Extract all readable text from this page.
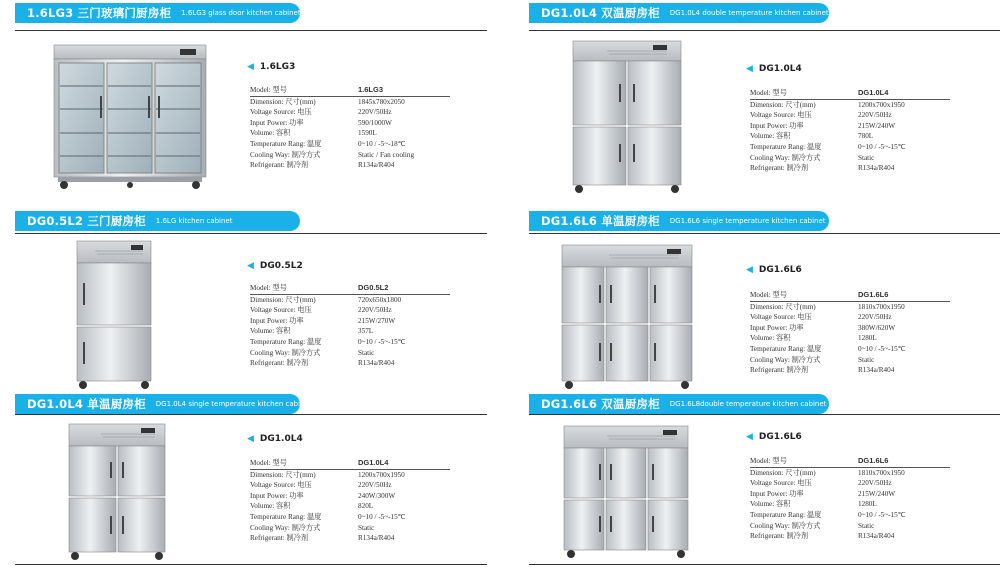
1.6LG3 三门玻璃门厨房柜 1.6LG3 glass door kitchen cabinet
◀ 1.6LG3
Model: 型号	1.6LG3
Dimension: 尺寸(mm)	1845x780x2050
Voltage Source: 电压	220V/50Hz
Input Power: 功率	590/1000W
Volume: 容积	1590L
Temperature Rang: 温度	0~10 / -5~-18℃
Cooling Way: 制冷方式	Static / Fan cooling
Refrigerant: 制冷剂	R134a/R404
DG1.0L4 双温厨房柜 DG1.0L4 double temperature kitchen cabinet
◀ DG1.0L4
Model: 型号	DG1.0L4
Dimension: 尺寸(mm)	1200x700x1950
Voltage Source: 电压	220V/50Hz
Input Power: 功率	215W/240W
Volume: 容积	780L
Temperature Rang: 温度	0~10 / -5~-15℃
Cooling Way: 制冷方式	Static
Refrigerant: 制冷剂	R134a/R404
DG0.5L2 三门厨房柜 1.6LG kitchen cabinet
◀ DG0.5L2
Model: 型号	DG0.5L2
Dimension: 尺寸(mm)	720x650x1800
Voltage Source: 电压	220V/50Hz
Input Power: 功率	215W/270W
Volume: 容积	357L
Temperature Rang: 温度	0~10 / -5~-15℃
Cooling Way: 制冷方式	Static
Refrigerant: 制冷剂	R134a/R404
DG1.6L6 单温厨房柜 DG1.6L6 single temperature kitchen cabinet
◀ DG1.6L6
Model: 型号	DG1.6L6
Dimension: 尺寸(mm)	1810x700x1950
Voltage Source: 电压	220V/50Hz
Input Power: 功率	380W/620W
Volume: 容积	1280L
Temperature Rang: 温度	0~10 / -5~-15℃
Cooling Way: 制冷方式	Static
Refrigerant: 制冷剂	R134a/R404
DG1.0L4 单温厨房柜 DG1.0L4 single temperature kitchen cabinet
◀ DG1.0L4
Model: 型号	DG1.0L4
Dimension: 尺寸(mm)	1200x700x1950
Voltage Source: 电压	220V/50Hz
Input Power: 功率	240W/300W
Volume: 容积	820L
Temperature Rang: 温度	0~10 / -5~-15℃
Cooling Way: 制冷方式	Static
Refrigerant: 制冷剂	R134a/R404
DG1.6L6 双温厨房柜 DG1.6L8double temperature kitchen cabinet
◀ DG1.6L6
Model: 型号	DG1.6L6
Dimension: 尺寸(mm)	1810x700x1950
Voltage Source: 电压	220V/50Hz
Input Power: 功率	215W/240W
Volume: 容积	1280L
Temperature Rang: 温度	0~10 / -5~-15℃
Cooling Way: 制冷方式	Static
Refrigerant: 制冷剂	R134a/R404
